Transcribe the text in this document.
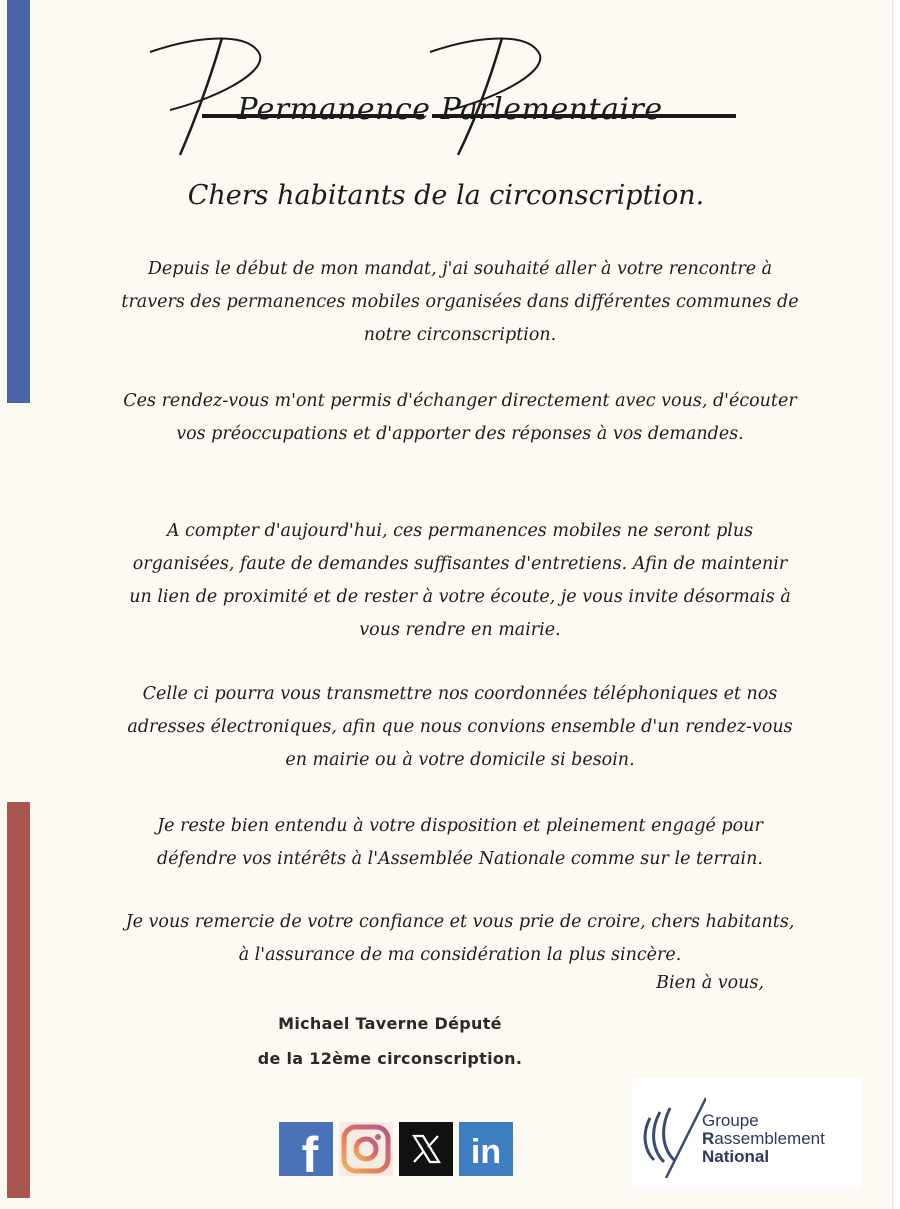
Permanence Parlementaire
Chers habitants de la circonscription.

Depuis le début de mon mandat, j'ai souhaité aller à votre rencontre à travers des permanences mobiles organisées dans différentes communes de notre circonscription.

Ces rendez-vous m'ont permis d'échanger directement avec vous, d'écouter vos préoccupations et d'apporter des réponses à vos demandes.

A compter d'aujourd'hui, ces permanences mobiles ne seront plus organisées, faute de demandes suffisantes d'entretiens. Afin de maintenir un lien de proximité et de rester à votre écoute, je vous invite désormais à vous rendre en mairie.

Celle ci pourra vous transmettre nos coordonnées téléphoniques et nos adresses électroniques, afin que nous convions ensemble d'un rendez-vous en mairie ou à votre domicile si besoin.

Je reste bien entendu à votre disposition et pleinement engagé pour défendre vos intérêts à l'Assemblée Nationale comme sur le terrain.

Je vous remercie de votre confiance et vous prie de croire, chers habitants, à l'assurance de ma considération la plus sincère.

Bien à vous,
Michael Taverne Député
de la 12ème circonscription.
f	in
Groupe
Rassemblement
National
